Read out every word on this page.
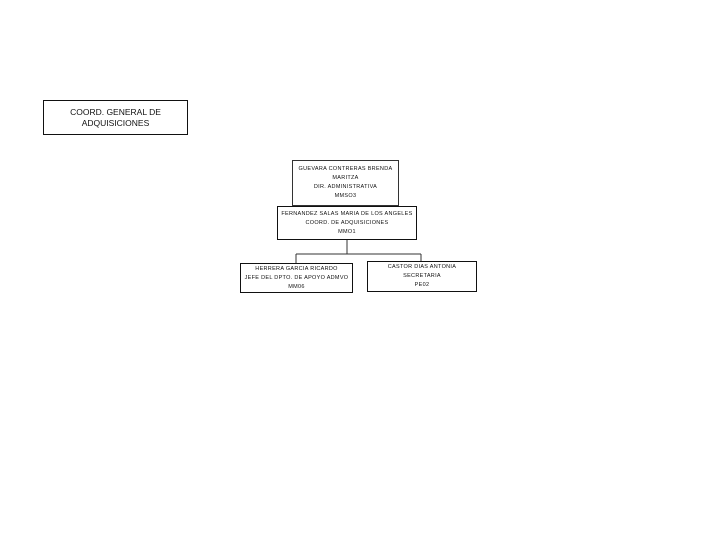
COORD. GENERAL DE
ADQUISICIONES
GUEVARA CONTRERAS BRENDA
MARITZA
DIR. ADMINISTRATIVA
MMSO3
FERNANDEZ SALAS MARIA DE LOS ANGELES
COORD. DE ADQUISICIONES
MMO1
HERRERA GARCIA RICARDO
JEFE DEL DPTO. DE APOYO ADMVO
MM06
CASTOR DIAS ANTONIA
SECRETARIA
PE02
